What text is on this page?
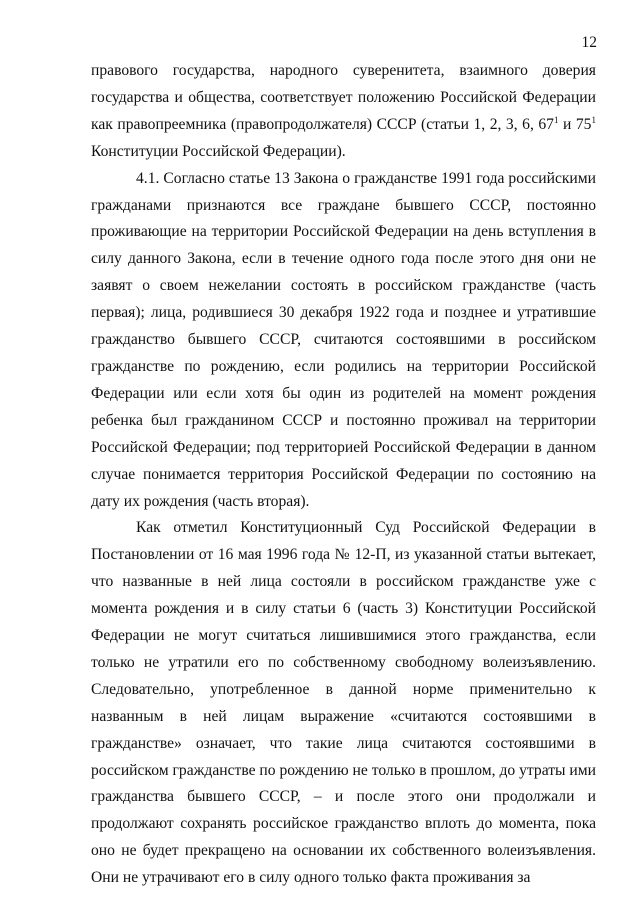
12

правового государства, народного суверенитета, взаимного доверия государства и общества, соответствует положению Российской Федерации как правопреемника (правопродолжателя) СССР (статьи 1, 2, 3, 6, $67^1$ и $75^1$ Конституции Российской Федерации).

4.1. Согласно статье 13 Закона о гражданстве 1991 года российскими гражданами признаются все граждане бывшего СССР, постоянно проживающие на территории Российской Федерации на день вступления в силу данного Закона, если в течение одного года после этого дня они не заявят о своем нежелании состоять в российском гражданстве (часть первая); лица, родившиеся 30 декабря 1922 года и позднее и утратившие гражданство бывшего СССР, считаются состоявшими в российском гражданстве по рождению, если родились на территории Российской Федерации или если хотя бы один из родителей на момент рождения ребенка был гражданином СССР и постоянно проживал на территории Российской Федерации; под территорией Российской Федерации в данном случае понимается территория Российской Федерации по состоянию на дату их рождения (часть вторая).

Как отметил Конституционный Суд Российской Федерации в Постановлении от 16 мая 1996 года № 12-П, из указанной статьи вытекает, что названные в ней лица состояли в российском гражданстве уже с момента рождения и в силу статьи 6 (часть 3) Конституции Российской Федерации не могут считаться лишившимися этого гражданства, если только не утратили его по собственному свободному волеизъявлению. Следовательно, употребленное в данной норме применительно к названным в ней лицам выражение «считаются состоявшими в гражданстве» означает, что такие лица считаются состоявшими в российском гражданстве по рождению не только в прошлом, до утраты ими гражданства бывшего СССР, – и после этого они продолжали и продолжают сохранять российское гражданство вплоть до момента, пока оно не будет прекращено на основании их собственного волеизъявления. Они не утрачивают его в силу одного только факта проживания за
